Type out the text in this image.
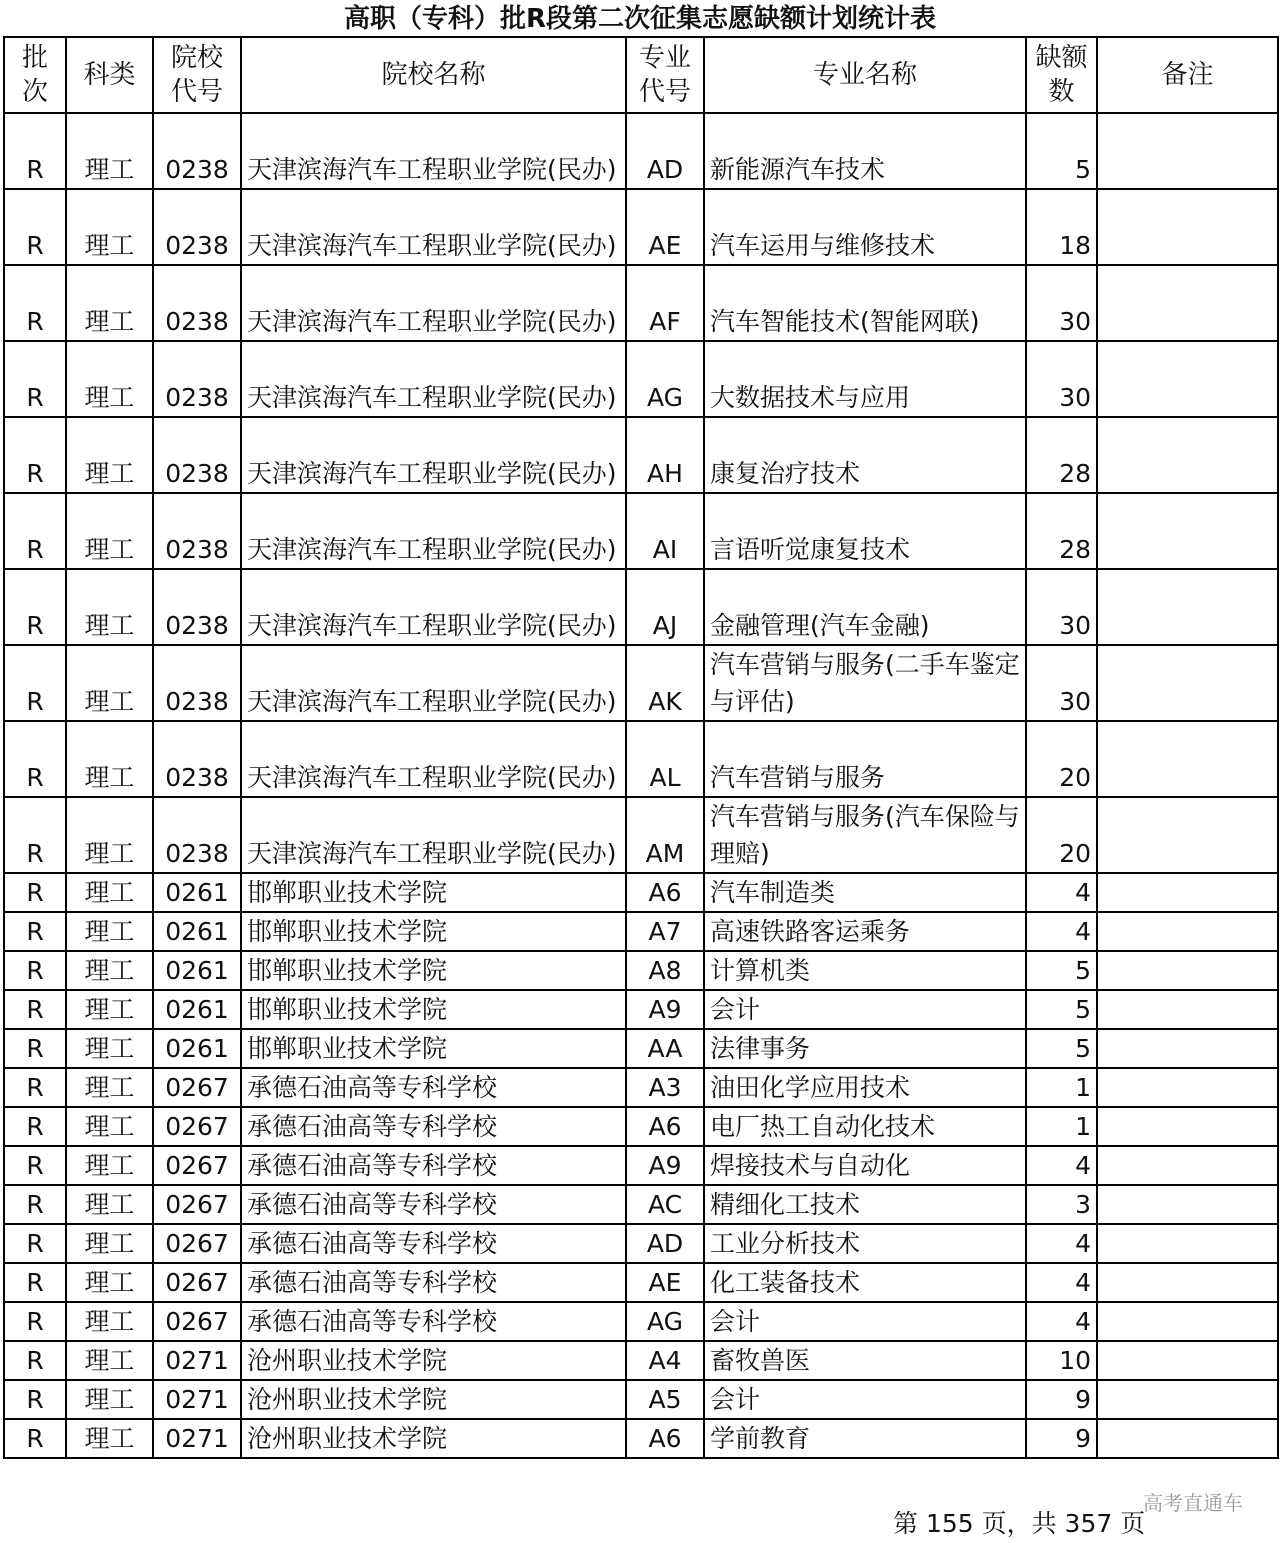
高职（专科）批R段第二次征集志愿缺额计划统计表
批次	科类	院校代号	院校名称	专业代号	专业名称	缺额数	备注
R	理工	0238	天津滨海汽车工程职业学院(民办)	AD	新能源汽车技术	5	
R	理工	0238	天津滨海汽车工程职业学院(民办)	AE	汽车运用与维修技术	18	
R	理工	0238	天津滨海汽车工程职业学院(民办)	AF	汽车智能技术(智能网联)	30	
R	理工	0238	天津滨海汽车工程职业学院(民办)	AG	大数据技术与应用	30	
R	理工	0238	天津滨海汽车工程职业学院(民办)	AH	康复治疗技术	28	
R	理工	0238	天津滨海汽车工程职业学院(民办)	AI	言语听觉康复技术	28	
R	理工	0238	天津滨海汽车工程职业学院(民办)	AJ	金融管理(汽车金融)	30	
R	理工	0238	天津滨海汽车工程职业学院(民办)	AK	汽车营销与服务(二手车鉴定与评估)	30	
R	理工	0238	天津滨海汽车工程职业学院(民办)	AL	汽车营销与服务	20	
R	理工	0238	天津滨海汽车工程职业学院(民办)	AM	汽车营销与服务(汽车保险与理赔)	20	
R	理工	0261	邯郸职业技术学院	A6	汽车制造类	4	
R	理工	0261	邯郸职业技术学院	A7	高速铁路客运乘务	4	
R	理工	0261	邯郸职业技术学院	A8	计算机类	5	
R	理工	0261	邯郸职业技术学院	A9	会计	5	
R	理工	0261	邯郸职业技术学院	AA	法律事务	5	
R	理工	0267	承德石油高等专科学校	A3	油田化学应用技术	1	
R	理工	0267	承德石油高等专科学校	A6	电厂热工自动化技术	1	
R	理工	0267	承德石油高等专科学校	A9	焊接技术与自动化	4	
R	理工	0267	承德石油高等专科学校	AC	精细化工技术	3	
R	理工	0267	承德石油高等专科学校	AD	工业分析技术	4	
R	理工	0267	承德石油高等专科学校	AE	化工装备技术	4	
R	理工	0267	承德石油高等专科学校	AG	会计	4	
R	理工	0271	沧州职业技术学院	A4	畜牧兽医	10	
R	理工	0271	沧州职业技术学院	A5	会计	9	
R	理工	0271	沧州职业技术学院	A6	学前教育	9	
第 155 页，共 357 页
高考直通车
